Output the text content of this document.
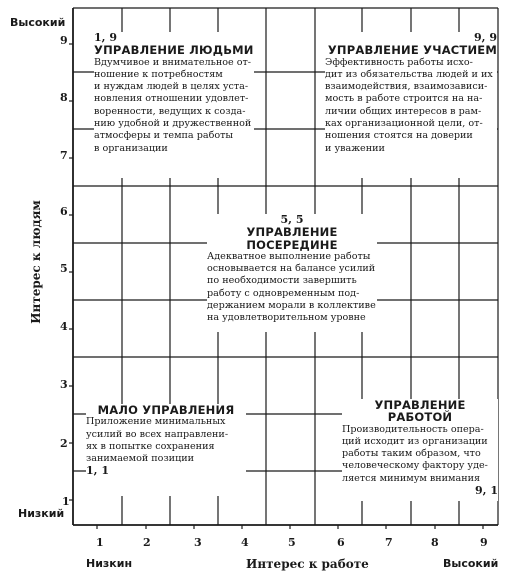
Высокий
Низкий
Интерес к людям
9
8
7
6
5
4
3
2
1
1	2	3	4	5	6	7	8	9
Низкин	Интерес к работе	Высокий
1, 9
УПРАВЛЕНИЕ ЛЮДЬМИ
Вдумчивое и внимательное от-
ношение к потребностям
и нуждам людей в целях уста-
новления отношении удовлет-
воренности, ведущих к созда-
нию удобной и дружественной
атмосферы и темпа работы
в организации
9, 9
УПРАВЛЕНИЕ УЧАСТИЕМ
Эффективность работы исхо-
дит из обязательства людей и их
взаимодействия, взаимозависи-
мость в работе строится на на-
личии общих интересов в рам-
ках организационной цели, от-
ношения стоятся на доверии
и уважении
5, 5
УПРАВЛЕНИЕ ПОСЕРЕДИНЕ
Адекватное выполнение работы
основывается на балансе усилий
по необходимости завершить
работу с одновременным под-
держанием морали в коллективе
на удовлетворительном уровне
МАЛО УПРАВЛЕНИЯ
Приложение минимальных
усилий во всех направлени-
ях в попытке сохранения
занимаемой позиции
1, 1
УПРАВЛЕНИЕ РАБОТОЙ
Производительность опера-
ций исходит из организации
работы таким образом, что
человеческому фактору уде-
ляется минимум внимания
9, 1
